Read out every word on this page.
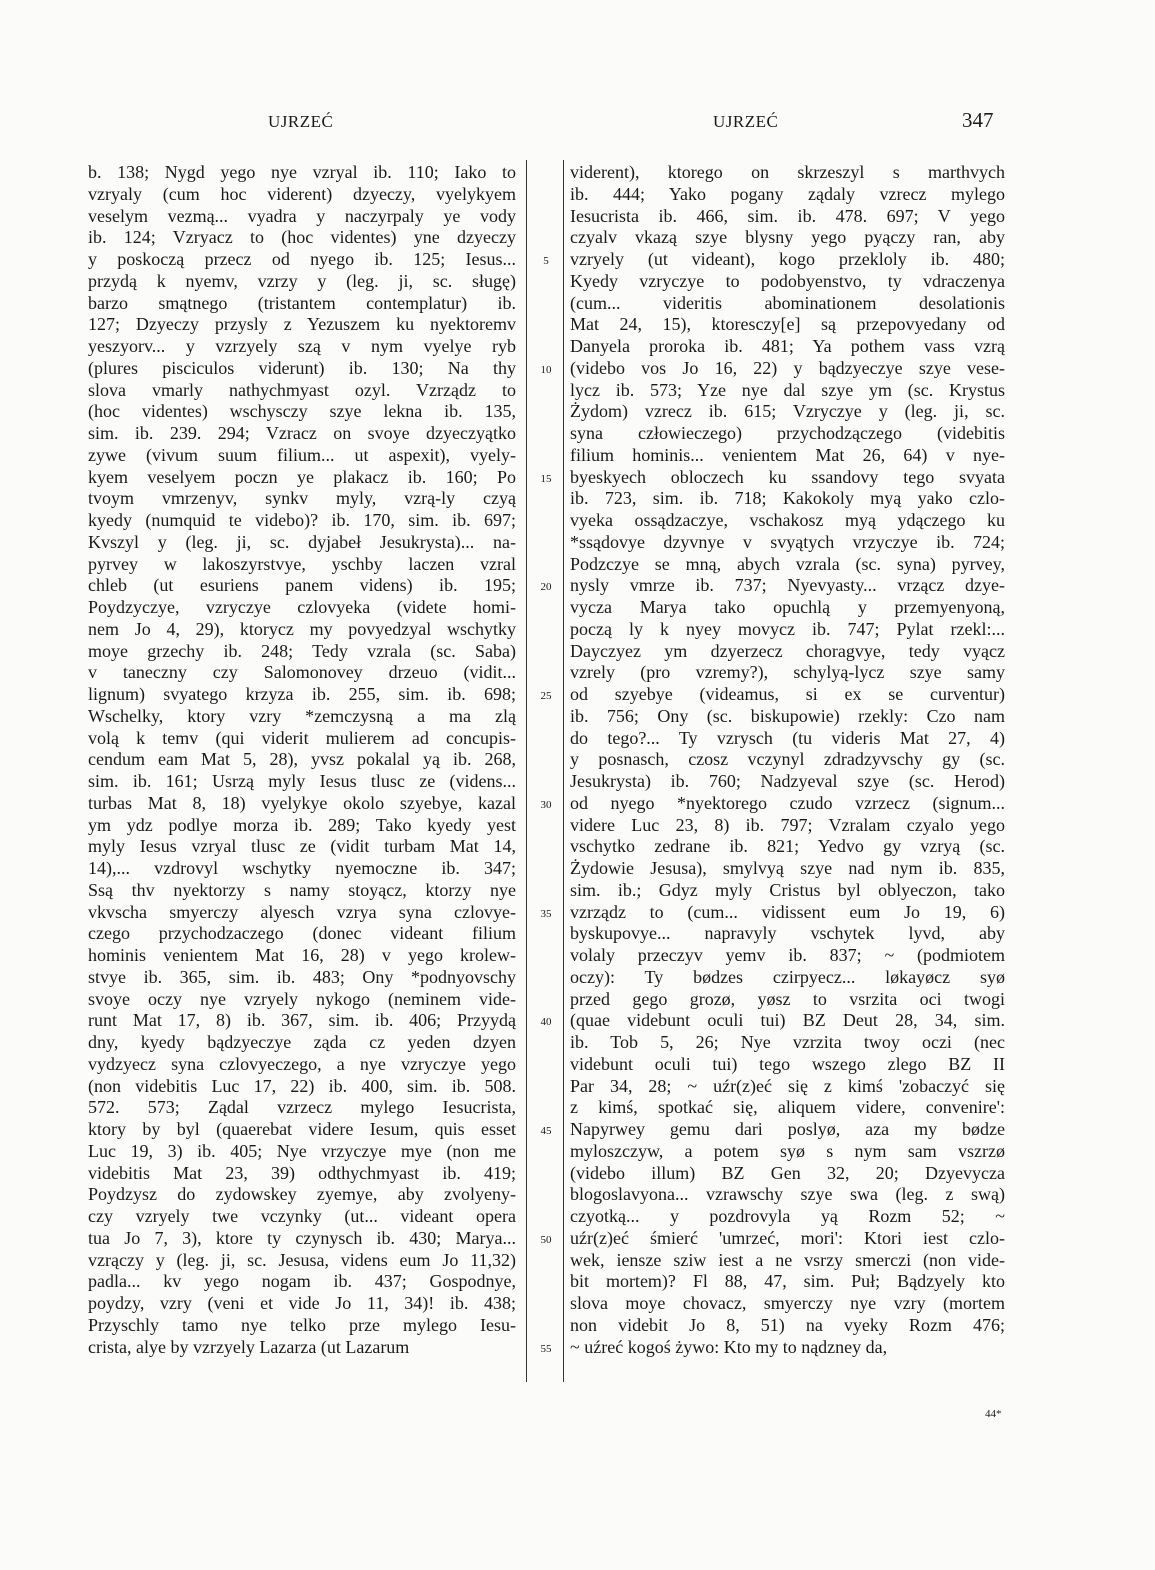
UJRZEĆ	UJRZEĆ	347
b. 138; Nygd yego nye vzryal ib. 110; Iako to
vzryaly (cum hoc viderent) dzyeczy, vyelykyem
veselym vezmą... vyadra y naczyrpaly ye vody
ib. 124; Vzryacz to (hoc videntes) yne dzyeczy
y poskoczą przecz od nyego ib. 125; Iesus...
przydą k nyemv, vzrzy y (leg. ji, sc. sługę)
barzo smątnego (tristantem contemplatur) ib.
127; Dzyeczy przysly z Yezuszem ku nyektoremv
yeszyorv... y vzrzyely szą v nym vyelye ryb
(plures pisciculos viderunt) ib. 130; Na thy
slova vmarly nathychmyast ozyl. Vzrządz to
(hoc videntes) wschysczy szye lekna ib. 135,
sim. ib. 239. 294; Vzracz on svoye dzyeczyątko
zywe (vivum suum filium... ut aspexit), vyely-
kyem veselyem poczn ye plakacz ib. 160; Po
tvoym vmrzenyv, synkv myly, vzrą-ly czyą
kyedy (numquid te videbo)? ib. 170, sim. ib. 697;
Kvszyl y (leg. ji, sc. dyjabeł Jesukrysta)... na-
pyrvey w lakoszyrstvye, yschby laczen vzral
chleb (ut esuriens panem videns) ib. 195;
Poydzyczye, vzryczye czlovyeka (videte homi-
nem Jo 4, 29), ktorycz my povyedzyal wschytky
moye grzechy ib. 248; Tedy vzrala (sc. Saba)
v taneczny czy Salomonovey drzeuo (vidit...
lignum) svyatego krzyza ib. 255, sim. ib. 698;
Wschelky, ktory vzry *zemczysną a ma zlą
volą k temv (qui viderit mulierem ad concupis-
cendum eam Mat 5, 28), yvsz pokalal yą ib. 268,
sim. ib. 161; Usrzą myly Iesus tlusc ze (videns...
turbas Mat 8, 18) vyelykye okolo szyebye, kazal
ym ydz podlye morza ib. 289; Tako kyedy yest
myly Iesus vzryal tlusc ze (vidit turbam Mat 14,
14),... vzdrovyl wschytky nyemoczne ib. 347;
Ssą thv nyektorzy s namy stoyącz, ktorzy nye
vkvscha smyerczy alyesch vzrya syna czlovye-
czego przychodzaczego (donec videant filium
hominis venientem Mat 16, 28) v yego krolew-
stvye ib. 365, sim. ib. 483; Ony *podnyovschy
svoye oczy nye vzryely nykogo (neminem vide-
runt Mat 17, 8) ib. 367, sim. ib. 406; Przyydą
dny, kyedy bądzyeczye ząda cz yeden dzyen
vydzyecz syna czlovyeczego, a nye vzryczye yego
(non videbitis Luc 17, 22) ib. 400, sim. ib. 508.
572. 573; Ządal vzrzecz mylego Iesucrista,
ktory by byl (quaerebat videre Iesum, quis esset
Luc 19, 3) ib. 405; Nye vrzyczye mye (non me
videbitis Mat 23, 39) odthychmyast ib. 419;
Poydzysz do zydowskey zyemye, aby zvolyeny-
czy vzryely twe vczynky (ut... videant opera
tua Jo 7, 3), ktore ty czynysch ib. 430; Marya...
vzrączy y (leg. ji, sc. Jesusa, videns eum Jo 11,32)
padla... kv yego nogam ib. 437; Gospodnye,
poydzy, vzry (veni et vide Jo 11, 34)! ib. 438;
Przyschly tamo nye telko prze mylego Iesu-
crista, alye by vzrzyely Lazarza (ut Lazarum
5
10
15
20
25
30
35
40
45
50
55
viderent), ktorego on skrzeszyl s marthvych
ib. 444; Yako pogany ządaly vzrecz mylego
Iesucrista ib. 466, sim. ib. 478. 697; V yego
czyalv vkazą szye blysny yego pyączy ran, aby
vzryely (ut videant), kogo przekloly ib. 480;
Kyedy vzryczye to podobyenstvo, ty vdraczenya
(cum... videritis abominationem desolationis
Mat 24, 15), ktoresczy[e] są przepovyedany od
Danyela proroka ib. 481; Ya pothem vass vzrą
(videbo vos Jo 16, 22) y bądzyeczye szye vese-
lycz ib. 573; Yze nye dal szye ym (sc. Krystus
Żydom) vzrecz ib. 615; Vzryczye y (leg. ji, sc.
syna człowieczego) przychodzączego (videbitis
filium hominis... venientem Mat 26, 64) v nye-
byeskyech obloczech ku ssandovy tego svyata
ib. 723, sim. ib. 718; Kakokoly myą yako czlo-
vyeka ossądzaczye, vschakosz myą ydączego ku
*ssądovye dzyvnye v svyątych vrzyczye ib. 724;
Podzczye se mną, abych vzrala (sc. syna) pyrvey,
nysly vmrze ib. 737; Nyevyasty... vrzącz dzye-
vycza Marya tako opuchlą y przemyenyoną,
począ ly k nyey movycz ib. 747; Pylat rzekl:...
Dayczyez ym dzyerzecz choragvye, tedy vyącz
vzrely (pro vzremy?), schylyą-lycz szye samy
od szyebye (videamus, si ex se curventur)
ib. 756; Ony (sc. biskupowie) rzekly: Czo nam
do tego?... Ty vzrysch (tu videris Mat 27, 4)
y posnasch, czosz vczynyl zdradzyvschy gy (sc.
Jesukrysta) ib. 760; Nadzyeval szye (sc. Herod)
od nyego *nyektorego czudo vzrzecz (signum...
videre Luc 23, 8) ib. 797; Vzralam czyalo yego
vschytko zedrane ib. 821; Yedvo gy vzryą (sc.
Żydowie Jesusa), smylvyą szye nad nym ib. 835,
sim. ib.; Gdyz myly Cristus byl oblyeczon, tako
vzrządz to (cum... vidissent eum Jo 19, 6)
byskupovye... napravyly vschytek lyvd, aby
volaly przeczyv yemv ib. 837; ~ (podmiotem
oczy): Ty bødzes czirpyecz... løkayøcz syø
przed gego grozø, yøsz to vsrzita oci twogi
(quae videbunt oculi tui) BZ Deut 28, 34, sim.
ib. Tob 5, 26; Nye vzrzita twoy oczi (nec
videbunt oculi tui) tego wszego zlego BZ II
Par 34, 28; ~ uźr(z)eć się z kimś 'zobaczyć się
z kimś, spotkać się, aliquem videre, convenire':
Napyrwey gemu dari poslyø, aza my bødze
myloszczyw, a potem syø s nym sam vszrzø
(videbo illum) BZ Gen 32, 20; Dzyevycza
blogoslavyona... vzrawschy szye swa (leg. z swą)
czyotką... y pozdrovyla yą Rozm 52; ~
uźr(z)eć śmierć 'umrzeć, mori': Ktori iest czlo-
wek, iensze sziw iest a ne vsrzy smerczi (non vide-
bit mortem)? Fl 88, 47, sim. Puł; Bądzyely kto
slova moye chovacz, smyerczy nye vzry (mortem
non videbit Jo 8, 51) na vyeky Rozm 476;
~ uźreć kogoś żywo: Kto my to nądzney da,
44*
